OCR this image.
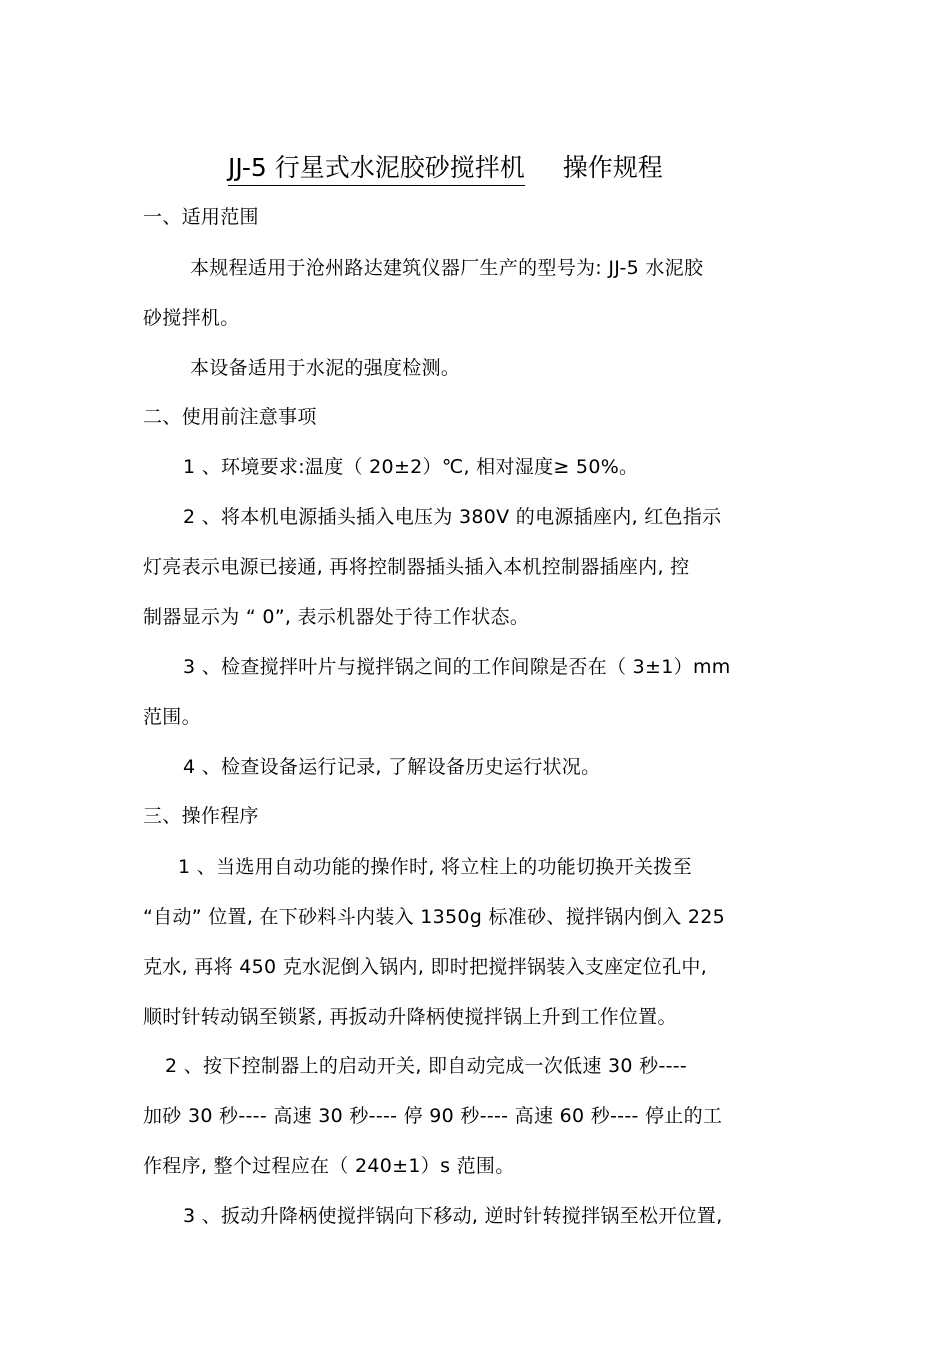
JJ-5 行星式水泥胶砂搅拌机 操作规程
一、适用范围
本规程适用于沧州路达建筑仪器厂生产的型号为: JJ-5 水泥胶
砂搅拌机。
本设备适用于水泥的强度检测。
二、使用前注意事项
1 、环境要求:温度（ 20±2）℃, 相对湿度≥ 50%。
2 、将本机电源插头插入电压为 380V 的电源插座内, 红色指示
灯亮表示电源已接通, 再将控制器插头插入本机控制器插座内, 控
制器显示为 “ 0”, 表示机器处于待工作状态。
3 、检查搅拌叶片与搅拌锅之间的工作间隙是否在（ 3±1）mm
范围。
4 、检查设备运行记录, 了解设备历史运行状况。
三、操作程序
1 、当选用自动功能的操作时, 将立柱上的功能切换开关拨至
“自动” 位置, 在下砂料斗内装入 1350g 标准砂、搅拌锅内倒入 225
克水, 再将 450 克水泥倒入锅内, 即时把搅拌锅装入支座定位孔中,
顺时针转动锅至锁紧, 再扳动升降柄使搅拌锅上升到工作位置。
2 、按下控制器上的启动开关, 即自动完成一次低速 30 秒----
加砂 30 秒---- 高速 30 秒---- 停 90 秒---- 高速 60 秒---- 停止的工
作程序, 整个过程应在（ 240±1）s 范围。
3 、扳动升降柄使搅拌锅向下移动, 逆时针转搅拌锅至松开位置,
